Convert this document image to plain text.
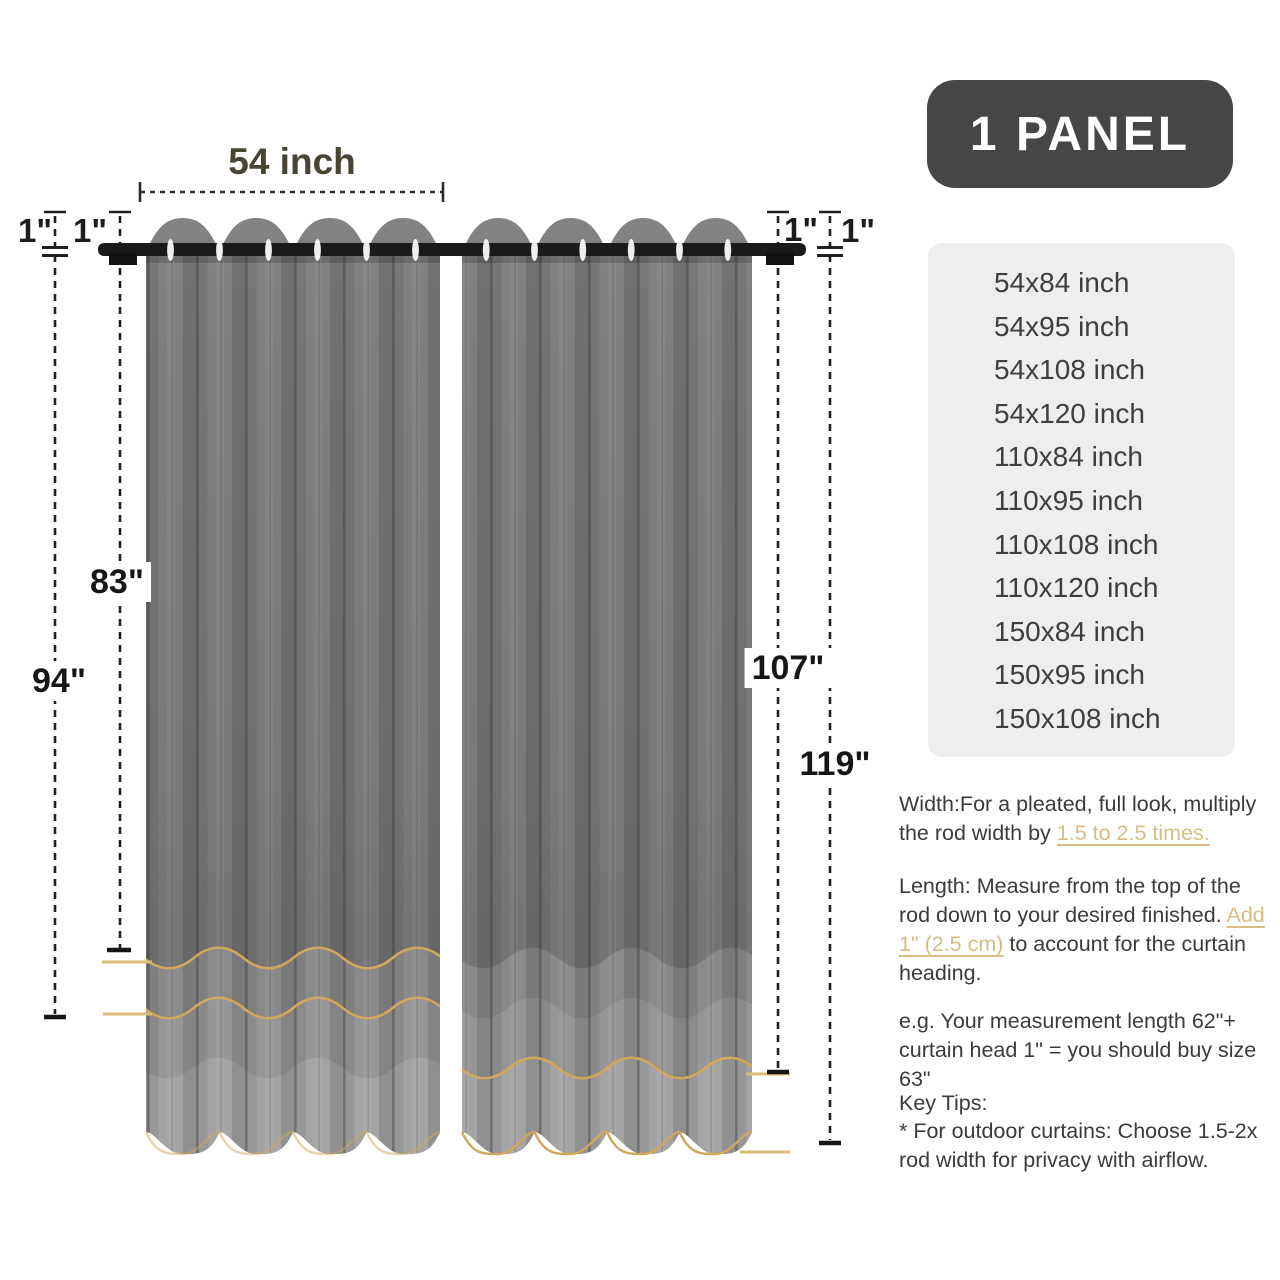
54 inch
1" 1"	1" 1"
83"
94"	107"
119"
1 PANEL
54x84 inch
54x95 inch
54x108 inch
54x120 inch
110x84 inch
110x95 inch
110x108 inch
110x120 inch
150x84 inch
150x95 inch
150x108 inch
Width:For a pleated, full look, multiply the rod width by 1.5 to 2.5 times.
Length: Measure from the top of the rod down to your desired finished. Add 1" (2.5 cm) to account for the curtain heading.
e.g. Your measurement length 62"+ curtain head 1" = you should buy size 63"
Key Tips:
* For outdoor curtains: Choose 1.5-2x rod width for privacy with airflow.
